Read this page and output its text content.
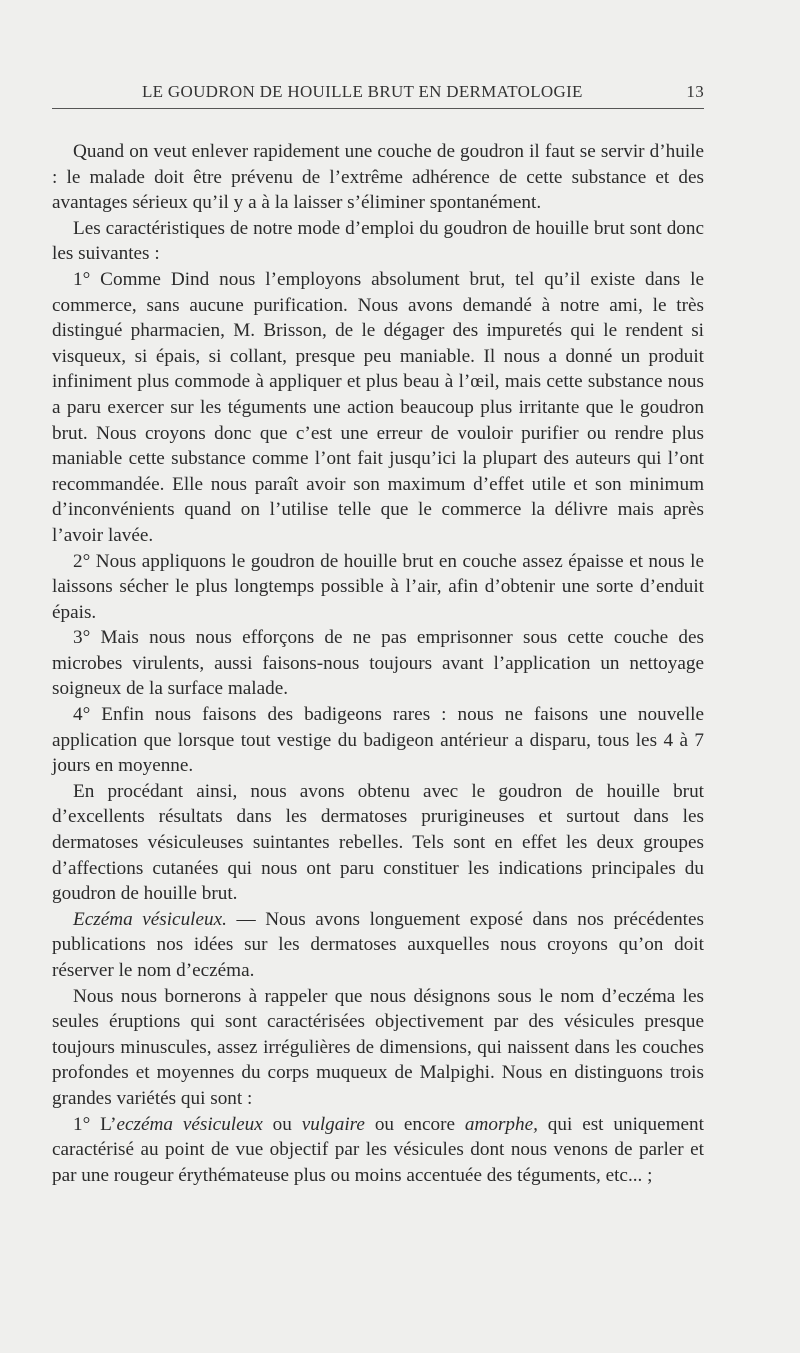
LE GOUDRON DE HOUILLE BRUT EN DERMATOLOGIE	13

Quand on veut enlever rapidement une couche de goudron il faut se servir d’huile : le malade doit être prévenu de l’extrême adhérence de cette substance et des avantages sérieux qu’il y a à la laisser s’éliminer spontanément.

Les caractéristiques de notre mode d’emploi du goudron de houille brut sont donc les suivantes :

1° Comme Dind nous l’employons absolument brut, tel qu’il existe dans le commerce, sans aucune purification. Nous avons demandé à notre ami, le très distingué pharmacien, M. Brisson, de le dégager des impuretés qui le rendent si visqueux, si épais, si collant, presque peu maniable. Il nous a donné un produit infiniment plus commode à appliquer et plus beau à l’œil, mais cette substance nous a paru exercer sur les téguments une action beaucoup plus irritante que le goudron brut. Nous croyons donc que c’est une erreur de vouloir purifier ou rendre plus maniable cette substance comme l’ont fait jusqu’ici la plupart des auteurs qui l’ont recommandée. Elle nous paraît avoir son maximum d’effet utile et son minimum d’inconvénients quand on l’utilise telle que le commerce la délivre mais après l’avoir lavée.

2° Nous appliquons le goudron de houille brut en couche assez épaisse et nous le laissons sécher le plus longtemps possible à l’air, afin d’obtenir une sorte d’enduit épais.

3° Mais nous nous efforçons de ne pas emprisonner sous cette couche des microbes virulents, aussi faisons-nous toujours avant l’application un nettoyage soigneux de la surface malade.

4° Enfin nous faisons des badigeons rares : nous ne faisons une nouvelle application que lorsque tout vestige du badigeon antérieur a disparu, tous les 4 à 7 jours en moyenne.

En procédant ainsi, nous avons obtenu avec le goudron de houille brut d’excellents résultats dans les dermatoses prurigineuses et surtout dans les dermatoses vésiculeuses suintantes rebelles. Tels sont en effet les deux groupes d’affections cutanées qui nous ont paru constituer les indications principales du goudron de houille brut.

Eczéma vésiculeux. — Nous avons longuement exposé dans nos précédentes publications nos idées sur les dermatoses auxquelles nous croyons qu’on doit réserver le nom d’eczéma.

Nous nous bornerons à rappeler que nous désignons sous le nom d’eczéma les seules éruptions qui sont caractérisées objectivement par des vésicules presque toujours minuscules, assez irrégulières de dimensions, qui naissent dans les couches profondes et moyennes du corps muqueux de Malpighi. Nous en distinguons trois grandes variétés qui sont :

1° L’eczéma vésiculeux ou vulgaire ou encore amorphe, qui est uniquement caractérisé au point de vue objectif par les vésicules dont nous venons de parler et par une rougeur érythémateuse plus ou moins accentuée des téguments, etc... ;
